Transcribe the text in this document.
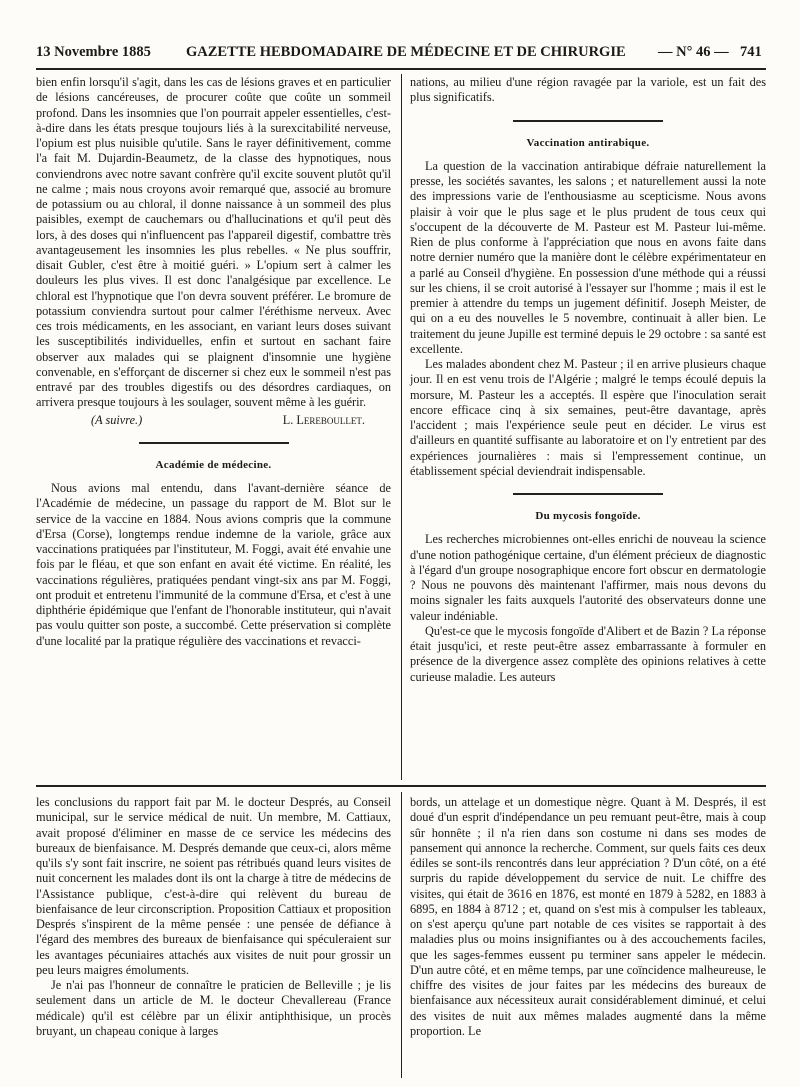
13 Novembre 1885 GAZETTE HEBDOMADAIRE DE MÉDECINE ET DE CHIRURGIE — N° 46 — 741

bien enfin lorsqu'il s'agit, dans les cas de lésions graves et en particulier de lésions cancéreuses, de procurer coûte que coûte un sommeil profond. Dans les insomnies que l'on pourrait appeler essentielles, c'est-à-dire dans les états presque toujours liés à la surexcitabilité nerveuse, l'opium est plus nuisible qu'utile. Sans le rayer définitivement, comme l'a fait M. Dujardin-Beaumetz, de la classe des hypnotiques, nous conviendrons avec notre savant confrère qu'il excite souvent plutôt qu'il ne calme ; mais nous croyons avoir remarqué que, associé au bromure de potassium ou au chloral, il donne naissance à un sommeil des plus paisibles, exempt de cauchemars ou d'hallucinations et qu'il peut dès lors, à des doses qui n'influencent pas l'appareil digestif, combattre très avantageusement les insomnies les plus rebelles. « Ne plus souffrir, disait Gubler, c'est être à moitié guéri. » L'opium sert à calmer les douleurs les plus vives. Il est donc l'analgésique par excellence. Le chloral est l'hypnotique que l'on devra souvent préférer. Le bromure de potassium conviendra surtout pour calmer l'éréthisme nerveux. Avec ces trois médicaments, en les associant, en variant leurs doses suivant les susceptibilités individuelles, enfin et surtout en sachant faire observer aux malades qui se plaignent d'insomnie une hygiène convenable, en s'efforçant de discerner si chez eux le sommeil n'est pas entravé par des troubles digestifs ou des désordres cardiaques, on arrivera presque toujours à les soulager, souvent même à les guérir.

(A suivre.)	L. Lereboullet.
Académie de médecine.

Nous avions mal entendu, dans l'avant-dernière séance de l'Académie de médecine, un passage du rapport de M. Blot sur le service de la vaccine en 1884. Nous avions compris que la commune d'Ersa (Corse), longtemps rendue indemne de la variole, grâce aux vaccinations pratiquées par l'instituteur, M. Foggi, avait été envahie une fois par le fléau, et que son enfant en avait été victime. En réalité, les vaccinations régulières, pratiquées pendant vingt-six ans par M. Foggi, ont produit et entretenu l'immunité de la commune d'Ersa, et c'est à une diphthérie épidémique que l'enfant de l'honorable instituteur, qui n'avait pas voulu quitter son poste, a succombé. Cette préservation si complète d'une localité par la pratique régulière des vaccinations et revacci-

nations, au milieu d'une région ravagée par la variole, est un fait des plus significatifs.

Vaccination antirabique.

La question de la vaccination antirabique défraie naturellement la presse, les sociétés savantes, les salons ; et naturellement aussi la note des impressions varie de l'enthousiasme au scepticisme. Nous avons plaisir à voir que le plus sage et le plus prudent de tous ceux qui s'occupent de la découverte de M. Pasteur est M. Pasteur lui-même. Rien de plus conforme à l'appréciation que nous en avons faite dans notre dernier numéro que la manière dont le célèbre expérimentateur en a parlé au Conseil d'hygiène. En possession d'une méthode qui a réussi sur les chiens, il se croit autorisé à l'essayer sur l'homme ; mais il est le premier à attendre du temps un jugement définitif. Joseph Meister, de qui on a eu des nouvelles le 5 novembre, continuait à aller bien. Le traitement du jeune Jupille est terminé depuis le 29 octobre : sa santé est excellente.

Les malades abondent chez M. Pasteur ; il en arrive plusieurs chaque jour. Il en est venu trois de l'Algérie ; malgré le temps écoulé depuis la morsure, M. Pasteur les a acceptés. Il espère que l'inoculation serait encore efficace cinq à six semaines, peut-être davantage, après l'accident ; mais l'expérience seule peut en décider. Le virus est d'ailleurs en quantité suffisante au laboratoire et on l'y entretient par des expériences journalières : mais si l'empressement continue, un établissement spécial deviendrait indispensable.

Du mycosis fongoïde.

Les recherches microbiennes ont-elles enrichi de nouveau la science d'une notion pathogénique certaine, d'un élément précieux de diagnostic à l'égard d'un groupe nosographique encore fort obscur en dermatologie ? Nous ne pouvons dès maintenant l'affirmer, mais nous devons du moins signaler les faits auxquels l'autorité des observateurs donne une valeur indéniable.

Qu'est-ce que le mycosis fongoïde d'Alibert et de Bazin ? La réponse était jusqu'ici, et reste peut-être assez embarrassante à formuler en présence de la divergence assez complète des opinions relatives à cette curieuse maladie. Les auteurs

les conclusions du rapport fait par M. le docteur Després, au Conseil municipal, sur le service médical de nuit. Un membre, M. Cattiaux, avait proposé d'éliminer en masse de ce service les médecins des bureaux de bienfaisance. M. Després demande que ceux-ci, alors même qu'ils s'y sont fait inscrire, ne soient pas rétribués quand leurs visites de nuit concernent les malades dont ils ont la charge à titre de médecins de l'Assistance publique, c'est-à-dire qui relèvent du bureau de bienfaisance de leur circonscription. Proposition Cattiaux et proposition Després s'inspirent de la même pensée : une pensée de défiance à l'égard des membres des bureaux de bienfaisance qui spéculeraient sur les avantages pécuniaires attachés aux visites de nuit pour grossir un peu leurs maigres émoluments.

Je n'ai pas l'honneur de connaître le praticien de Belleville ; je lis seulement dans un article de M. le docteur Chevallereau (France médicale) qu'il est célèbre par un élixir antiphthisique, un procès bruyant, un chapeau conique à larges

bords, un attelage et un domestique nègre. Quant à M. Després, il est doué d'un esprit d'indépendance un peu remuant peut-être, mais à coup sûr honnête ; il n'a rien dans son costume ni dans ses modes de pansement qui annonce la recherche. Comment, sur quels faits ces deux édiles se sont-ils rencontrés dans leur appréciation ? D'un côté, on a été surpris du rapide développement du service de nuit. Le chiffre des visites, qui était de 3616 en 1876, est monté en 1879 à 5282, en 1883 à 6895, en 1884 à 8712 ; et, quand on s'est mis à compulser les tableaux, on s'est aperçu qu'une part notable de ces visites se rapportait à des maladies plus ou moins insignifiantes ou à des accouchements faciles, que les sages-femmes eussent pu terminer sans appeler le médecin. D'un autre côté, et en même temps, par une coïncidence malheureuse, le chiffre des visites de jour faites par les médecins des bureaux de bienfaisance aux nécessiteux aurait considérablement diminué, et celui des visites de nuit aux mêmes malades augmenté dans la même proportion. Le
